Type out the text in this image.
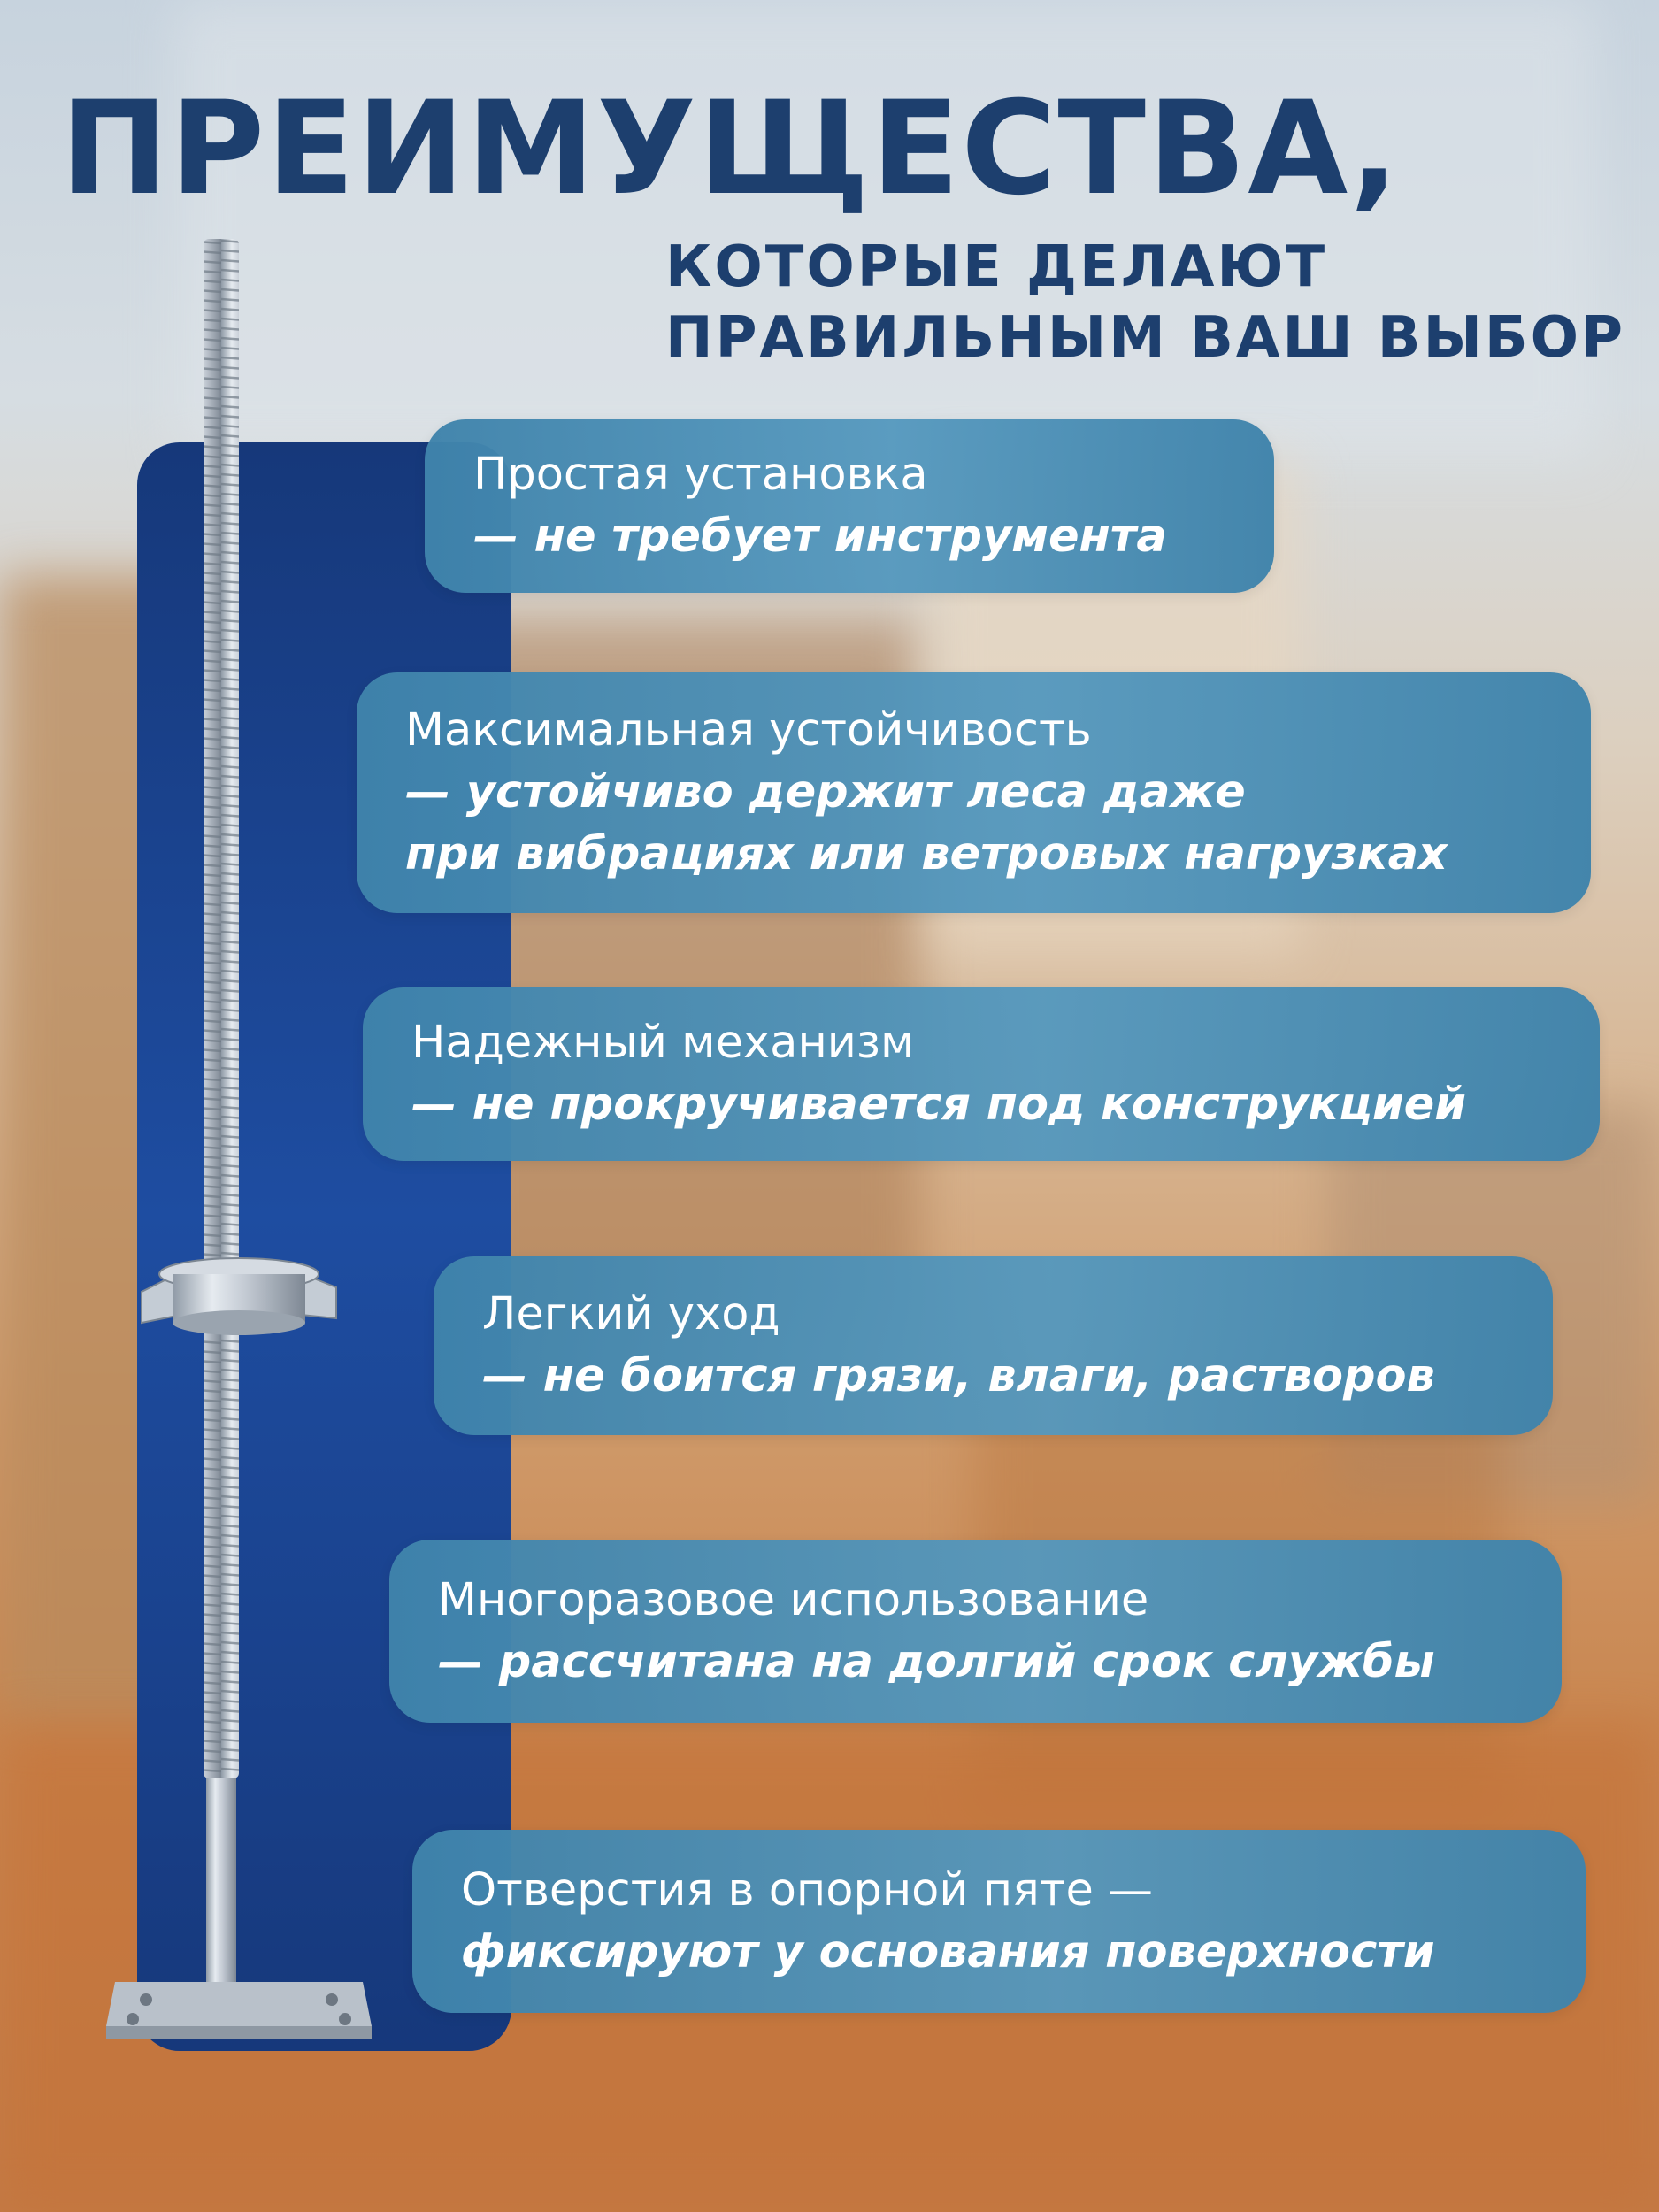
ПРЕИМУЩЕСТВА,
КОТОРЫЕ ДЕЛАЮТ
ПРАВИЛЬНЫМ ВАШ ВЫБОР
Простая установка
— не требует инструмента
Максимальная устойчивость
— устойчиво держит леса даже
при вибрациях или ветровых нагрузках
Надежный механизм
— не прокручивается под конструкцией
Легкий уход
— не боится грязи, влаги, растворов
Многоразовое использование
— рассчитана на долгий срок службы
Отверстия в опорной пяте —
фиксируют у основания поверхности
